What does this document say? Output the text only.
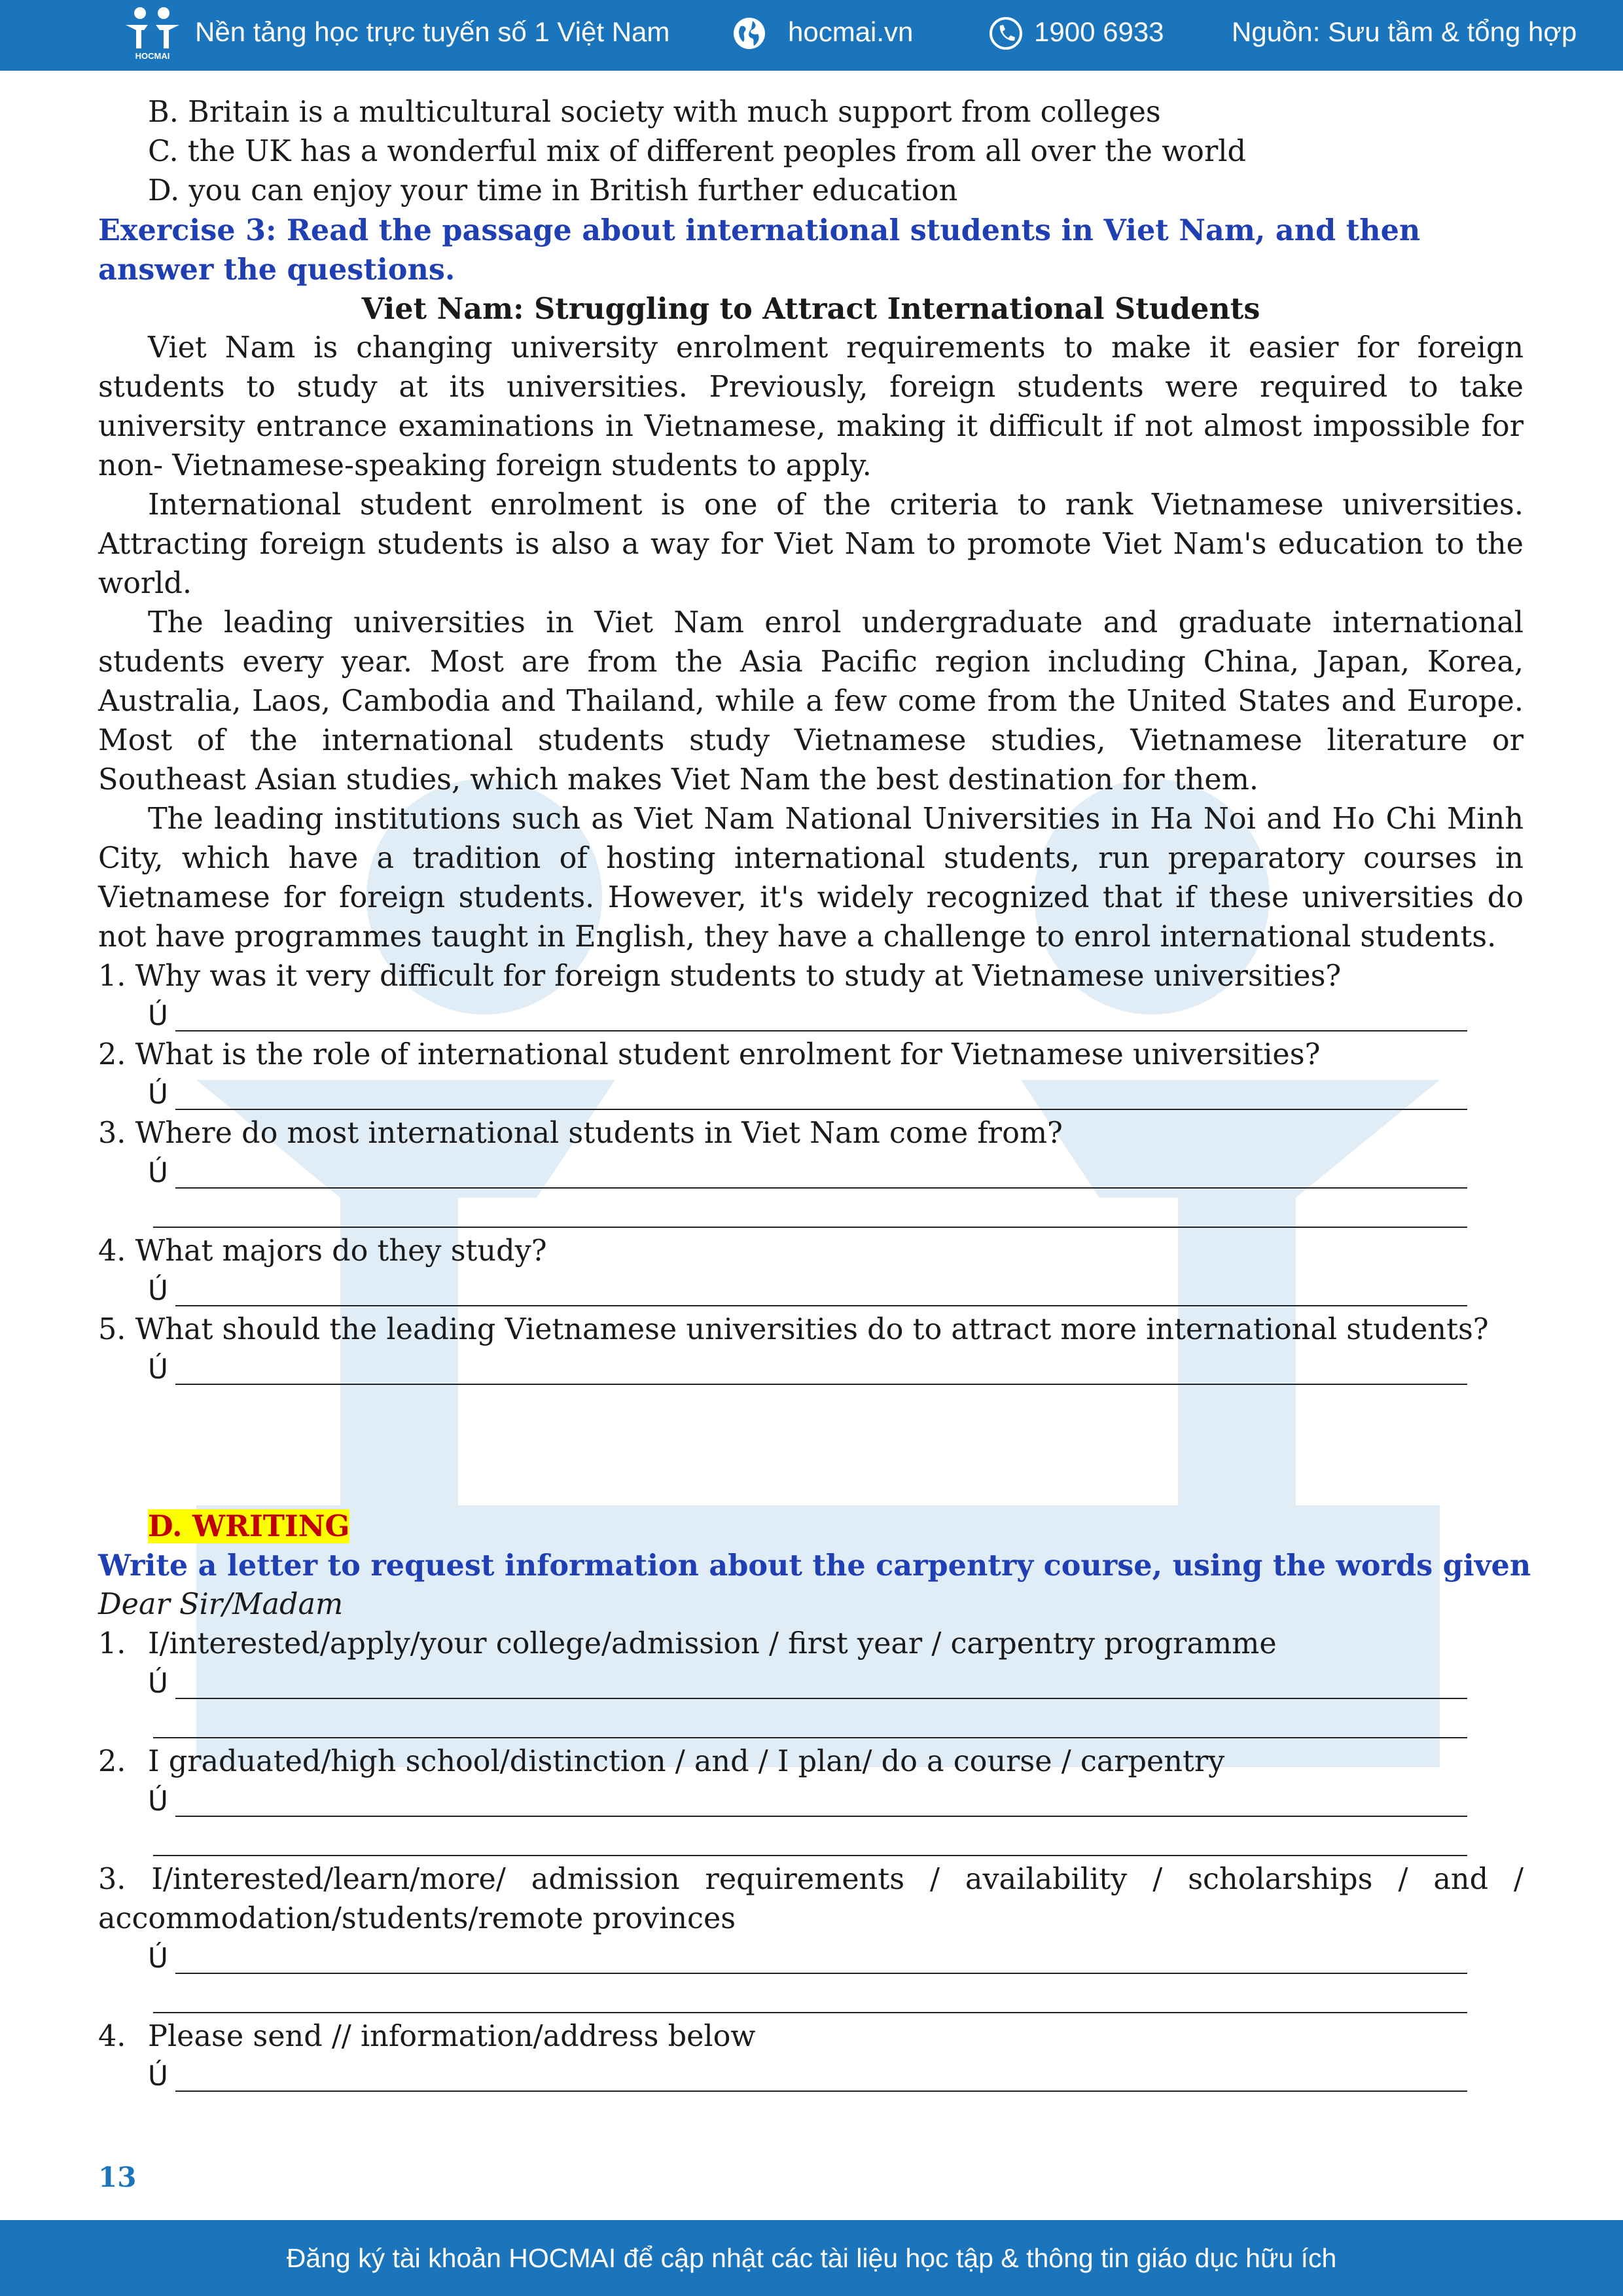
HOCMAI
Nền tảng học trực tuyến số 1 Việt Nam	hocmai.vn	1900 6933 Nguồn: Sưu tầm & tổng hợp
B. Britain is a multicultural society with much support from colleges
C. the UK has a wonderful mix of different peoples from all over the world
D. you can enjoy your time in British further education

Exercise 3: Read the passage about international students in Viet Nam, and then answer the questions.

Viet Nam: Struggling to Attract International Students

Viet Nam is changing university enrolment requirements to make it easier for foreign students to study at its universities. Previously, foreign students were required to take university entrance examinations in Vietnamese, making it difficult if not almost impossible for non- Vietnamese-speaking foreign students to apply.

International student enrolment is one of the criteria to rank Vietnamese universities. Attracting foreign students is also a way for Viet Nam to promote Viet Nam's education to the world.

The leading universities in Viet Nam enrol undergraduate and graduate international students every year. Most are from the Asia Pacific region including China, Japan, Korea, Australia, Laos, Cambodia and Thailand, while a few come from the United States and Europe. Most of the international students study Vietnamese studies, Vietnamese literature or Southeast Asian studies, which makes Viet Nam the best destination for them.

The leading institutions such as Viet Nam National Universities in Ha Noi and Ho Chi Minh City, which have a tradition of hosting international students, run preparatory courses in Vietnamese for foreign students. However, it's widely recognized that if these universities do not have programmes taught in English, they have a challenge to enrol international students.

1. Why was it very difficult for foreign students to study at Vietnamese universities?
Ú
2. What is the role of international student enrolment for Vietnamese universities?
Ú
3. Where do most international students in Viet Nam come from?
Ú
4. What majors do they study?
Ú
5. What should the leading Vietnamese universities do to attract more international students?
Ú
D. WRITING
Write a letter to request information about the carpentry course, using the words given
Dear Sir/Madam
1. I/interested/apply/your college/admission / first year / carpentry programme
Ú
2. I graduated/high school/distinction / and / I plan/ do a course / carpentry
Ú

3. I/interested/learn/more/ admission requirements / availability / scholarships / and / accommodation/students/remote provinces

Ú
4. Please send // information/address below
Ú
13
Đăng ký tài khoản HOCMAI để cập nhật các tài liệu học tập & thông tin giáo dục hữu ích
